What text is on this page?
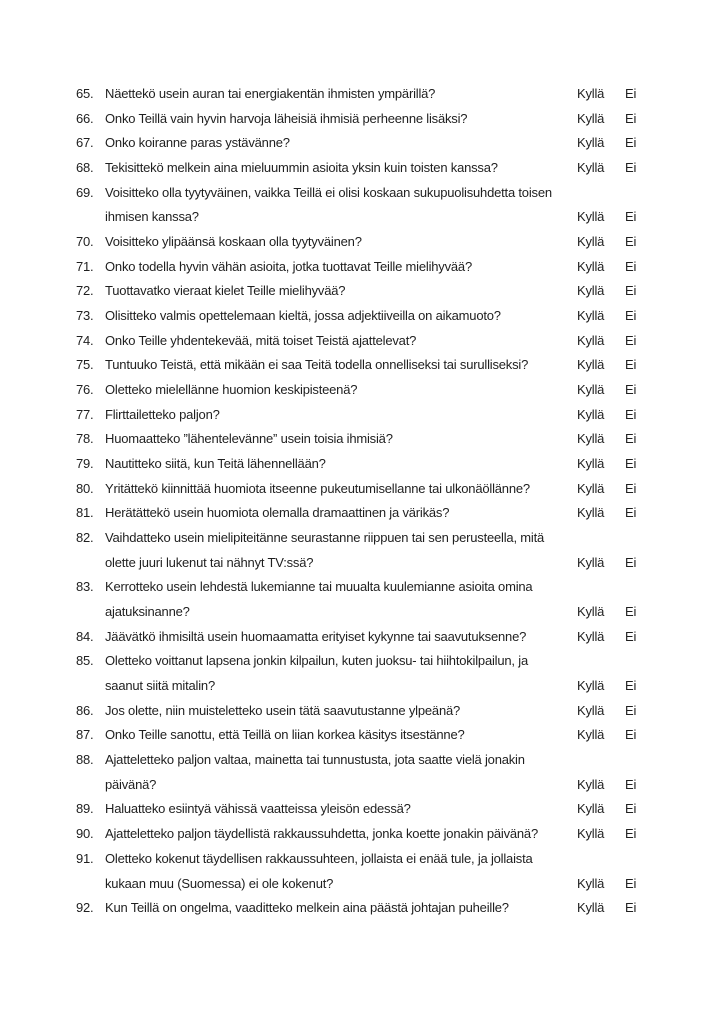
65. Näettekö usein auran tai energiakentän ihmisten ympärillä?	Kyllä Ei
66. Onko Teillä vain hyvin harvoja läheisiä ihmisiä perheenne lisäksi?	Kyllä Ei
67. Onko koiranne paras ystävänne?	Kyllä Ei
68. Tekisittekö melkein aina mieluummin asioita yksin kuin toisten kanssa?	Kyllä Ei
69. Voisitteko olla tyytyväinen, vaikka Teillä ei olisi koskaan sukupuolisuhdetta toisen
ihmisen kanssa?	Kyllä Ei
70. Voisitteko ylipäänsä koskaan olla tyytyväinen?	Kyllä Ei
71. Onko todella hyvin vähän asioita, jotka tuottavat Teille mielihyvää?	Kyllä Ei
72. Tuottavatko vieraat kielet Teille mielihyvää?	Kyllä Ei
73. Olisitteko valmis opettelemaan kieltä, jossa adjektiiveilla on aikamuoto?	Kyllä Ei
74. Onko Teille yhdentekevää, mitä toiset Teistä ajattelevat?	Kyllä Ei
75. Tuntuuko Teistä, että mikään ei saa Teitä todella onnelliseksi tai surulliseksi?	Kyllä Ei
76. Oletteko mielellänne huomion keskipisteenä?	Kyllä Ei
77. Flirttailetteko paljon?	Kyllä Ei
78. Huomaatteko ”lähentelevänne” usein toisia ihmisiä?	Kyllä Ei
79. Nautitteko siitä, kun Teitä lähennellään?	Kyllä Ei
80. Yritättekö kiinnittää huomiota itseenne pukeutumisellanne tai ulkonäöllänne?	Kyllä Ei
81. Herätättekö usein huomiota olemalla dramaattinen ja värikäs?	Kyllä Ei
82. Vaihdatteko usein mielipiteitänne seurastanne riippuen tai sen perusteella, mitä
olette juuri lukenut tai nähnyt TV:ssä?	Kyllä Ei
83. Kerrotteko usein lehdestä lukemianne tai muualta kuulemianne asioita omina
ajatuksinanne?	Kyllä Ei
84. Jäävätkö ihmisiltä usein huomaamatta erityiset kykynne tai saavutuksenne?	Kyllä Ei
85. Oletteko voittanut lapsena jonkin kilpailun, kuten juoksu- tai hiihtokilpailun, ja
saanut siitä mitalin?	Kyllä Ei
86. Jos olette, niin muisteletteko usein tätä saavutustanne ylpeänä?	Kyllä Ei
87. Onko Teille sanottu, että Teillä on liian korkea käsitys itsestänne?	Kyllä Ei
88. Ajatteletteko paljon valtaa, mainetta tai tunnustusta, jota saatte vielä jonakin
päivänä?	Kyllä Ei
89. Haluatteko esiintyä vähissä vaatteissa yleisön edessä?	Kyllä Ei
90. Ajatteletteko paljon täydellistä rakkaussuhdetta, jonka koette jonakin päivänä?	Kyllä Ei
91. Oletteko kokenut täydellisen rakkaussuhteen, jollaista ei enää tule, ja jollaista
kukaan muu (Suomessa) ei ole kokenut?	Kyllä Ei
92. Kun Teillä on ongelma, vaaditteko melkein aina päästä johtajan puheille?	Kyllä Ei
